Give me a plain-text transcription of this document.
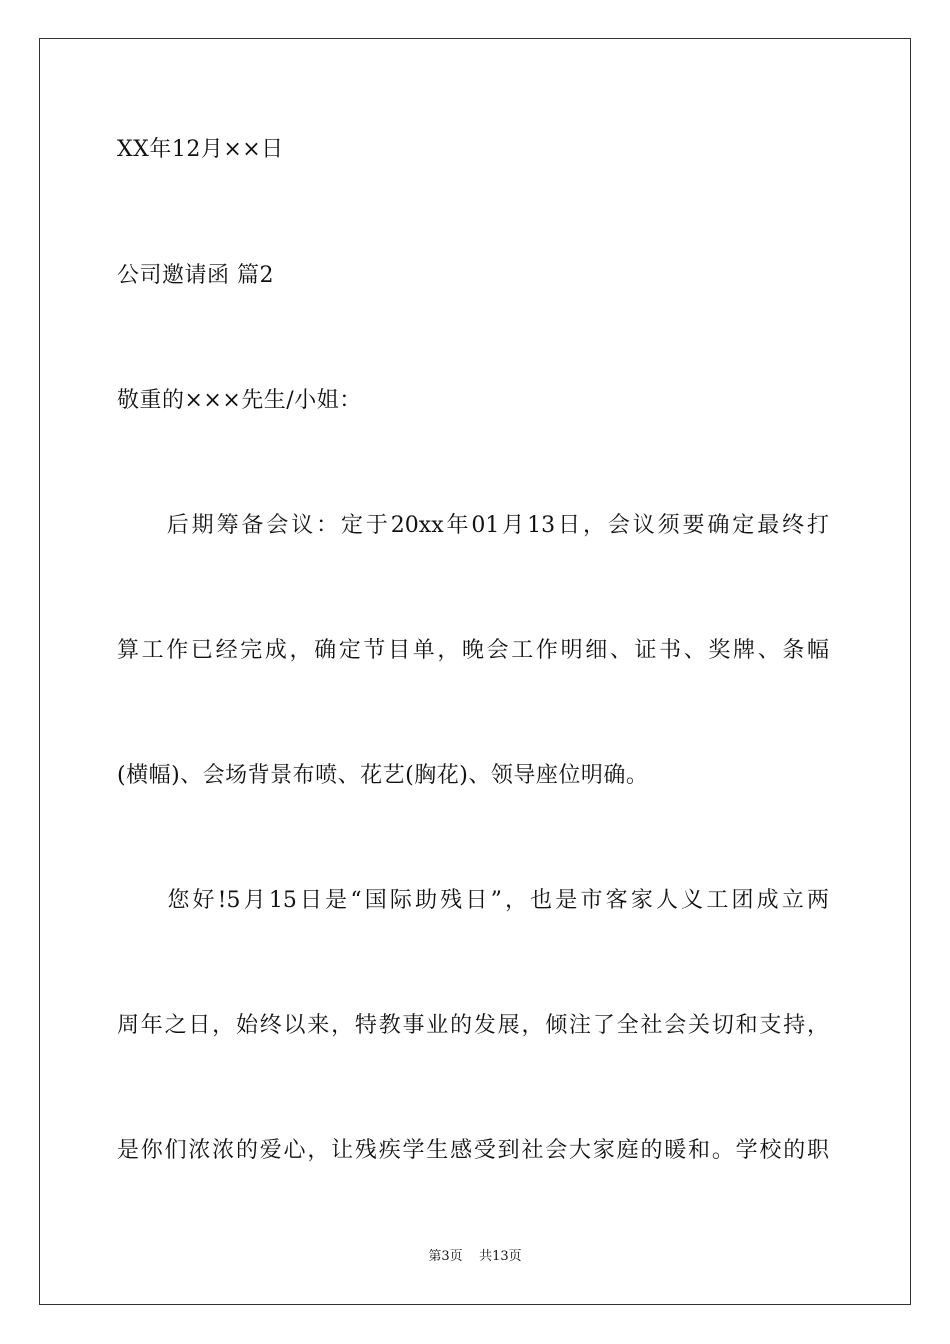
XX年12月××日
公司邀请函 篇2
敬重的×××先生/小姐：
　　后期筹备会议：定于20xx年01月13日，会议须要确定最终打
算工作已经完成，确定节目单，晚会工作明细、证书、奖牌、条幅
(横幅)、会场背景布喷、花艺(胸花)、领导座位明确。
　　您好!5月15日是“国际助残日”，也是市客家人义工团成立两
周年之日，始终以来，特教事业的发展，倾注了全社会关切和支持，
是你们浓浓的爱心，让残疾学生感受到社会大家庭的暖和。学校的职
第3页 共13页
